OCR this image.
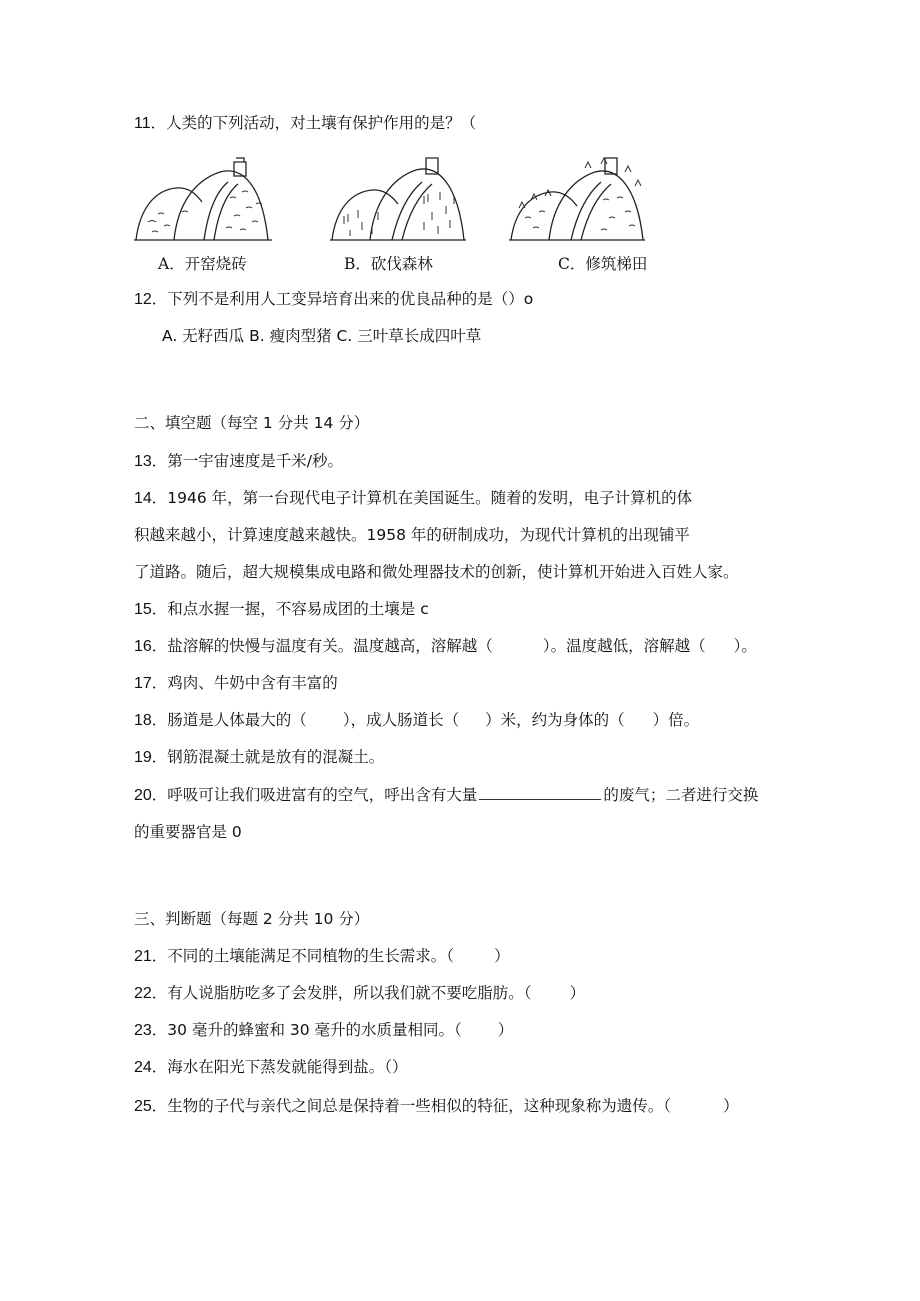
11．人类的下列活动，对土壤有保护作用的是？（
A．开窑烧砖	B．砍伐森林	C．修筑梯田
12．下列不是利用人工变异培育出来的优良品种的是（）o
A. 无籽西瓜 B. 瘦肉型猪 C. 三叶草长成四叶草
二、填空题（每空 1 分共 14 分）
13．第一宇宙速度是千米/秒。
14．1946 年，第一台现代电子计算机在美国诞生。随着的发明，电子计算机的体
积越来越小，计算速度越来越快。1958 年的研制成功，为现代计算机的出现铺平
了道路。随后，超大规模集成电路和微处理器技术的创新，使计算机开始进入百姓人家。
15．和点水握一握，不容易成团的土壤是 c
16．盐溶解的快慢与温度有关。温度越高，溶解越（	）。温度越低，溶解越（ ）。
17．鸡肉、牛奶中含有丰富的
18．肠道是人体最大的（ ），成人肠道长（ ）米，约为身体的（ ）倍。
19．钢筋混凝土就是放有的混凝土。
20．呼吸可让我们吸进富有的空气，呼出含有大量	的废气；二者进行交换
的重要器官是 0
三、判断题（每题 2 分共 10 分）
21．不同的土壤能满足不同植物的生长需求。（	）
22．有人说脂肪吃多了会发胖，所以我们就不要吃脂肪。（ ）
23．30 毫升的蜂蜜和 30 毫升的水质量相同。（ ）
24．海水在阳光下蒸发就能得到盐。（）
25．生物的子代与亲代之间总是保持着一些相似的特征，这种现象称为遗传。（	）
